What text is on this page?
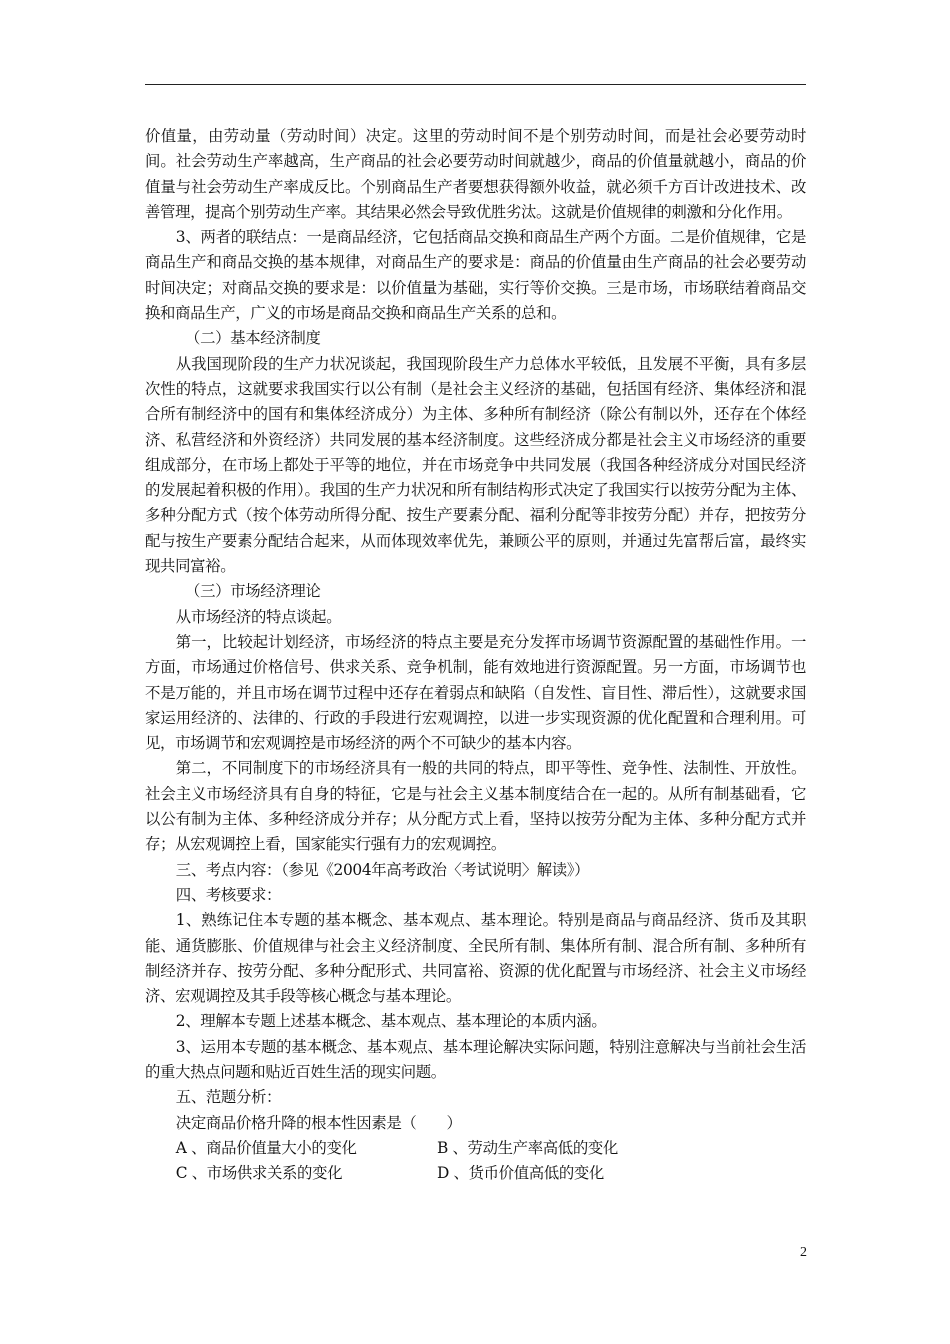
价值量，由劳动量（劳动时间）决定。这里的劳动时间不是个别劳动时间，而是社会必要劳动时间。社会劳动生产率越高，生产商品的社会必要劳动时间就越少，商品的价值量就越小，商品的价值量与社会劳动生产率成反比。个别商品生产者要想获得额外收益，就必须千方百计改进技术、改善管理，提高个别劳动生产率。其结果必然会导致优胜劣汰。这就是价值规律的刺激和分化作用。

3、两者的联结点：一是商品经济，它包括商品交换和商品生产两个方面。二是价值规律，它是商品生产和商品交换的基本规律，对商品生产的要求是：商品的价值量由生产商品的社会必要劳动时间决定；对商品交换的要求是：以价值量为基础，实行等价交换。三是市场，市场联结着商品交换和商品生产，广义的市场是商品交换和商品生产关系的总和。

（二）基本经济制度

从我国现阶段的生产力状况谈起，我国现阶段生产力总体水平较低，且发展不平衡，具有多层次性的特点，这就要求我国实行以公有制（是社会主义经济的基础，包括国有经济、集体经济和混合所有制经济中的国有和集体经济成分）为主体、多种所有制经济（除公有制以外，还存在个体经济、私营经济和外资经济）共同发展的基本经济制度。这些经济成分都是社会主义市场经济的重要组成部分，在市场上都处于平等的地位，并在市场竞争中共同发展（我国各种经济成分对国民经济的发展起着积极的作用）。我国的生产力状况和所有制结构形式决定了我国实行以按劳分配为主体、多种分配方式（按个体劳动所得分配、按生产要素分配、福利分配等非按劳分配）并存，把按劳分配与按生产要素分配结合起来，从而体现效率优先，兼顾公平的原则，并通过先富帮后富，最终实现共同富裕。

（三）市场经济理论

从市场经济的特点谈起。

第一，比较起计划经济，市场经济的特点主要是充分发挥市场调节资源配置的基础性作用。一方面，市场通过价格信号、供求关系、竞争机制，能有效地进行资源配置。另一方面，市场调节也不是万能的，并且市场在调节过程中还存在着弱点和缺陷（自发性、盲目性、滞后性），这就要求国家运用经济的、法律的、行政的手段进行宏观调控，以进一步实现资源的优化配置和合理利用。可见，市场调节和宏观调控是市场经济的两个不可缺少的基本内容。

第二，不同制度下的市场经济具有一般的共同的特点，即平等性、竞争性、法制性、开放性。社会主义市场经济具有自身的特征，它是与社会主义基本制度结合在一起的。从所有制基础看，它以公有制为主体、多种经济成分并存；从分配方式上看，坚持以按劳分配为主体、多种分配方式并存；从宏观调控上看，国家能实行强有力的宏观调控。

三、考点内容：（参见《2004年高考政治〈考试说明〉解读》）

四、考核要求：

1、熟练记住本专题的基本概念、基本观点、基本理论。特别是商品与商品经济、货币及其职能、通货膨胀、价值规律与社会主义经济制度、全民所有制、集体所有制、混合所有制、多种所有制经济并存、按劳分配、多种分配形式、共同富裕、资源的优化配置与市场经济、社会主义市场经济、宏观调控及其手段等核心概念与基本理论。

2、理解本专题上述基本概念、基本观点、基本理论的本质内涵。

3、运用本专题的基本概念、基本观点、基本理论解决实际问题，特别注意解决与当前社会生活的重大热点问题和贴近百姓生活的现实问题。

五、范题分析：

决定商品价格升降的根本性因素是（　　）

A 、商品价值量大小的变化	B 、劳动生产率高低的变化
C 、市场供求关系的变化	D 、货币价值高低的变化
2
